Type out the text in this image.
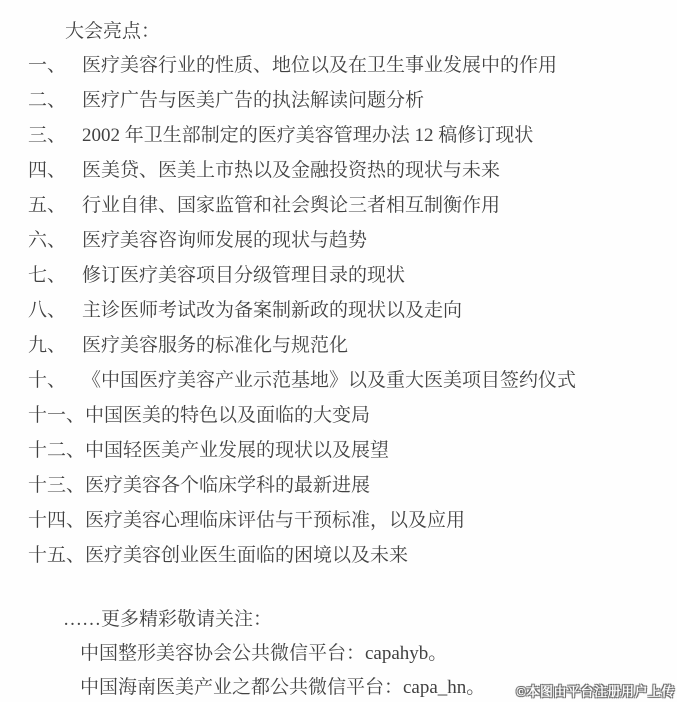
大会亮点：
一、 医疗美容行业的性质、地位以及在卫生事业发展中的作用
二、 医疗广告与医美广告的执法解读问题分析
三、 2002 年卫生部制定的医疗美容管理办法 12 稿修订现状
四、 医美贷、医美上市热以及金融投资热的现状与未来
五、 行业自律、国家监管和社会舆论三者相互制衡作用
六、 医疗美容咨询师发展的现状与趋势
七、 修订医疗美容项目分级管理目录的现状
八、 主诊医师考试改为备案制新政的现状以及走向
九、 医疗美容服务的标准化与规范化
十、 《中国医疗美容产业示范基地》以及重大医美项目签约仪式
十一、 中国医美的特色以及面临的大变局
十二、 中国轻医美产业发展的现状以及展望
十三、 医疗美容各个临床学科的最新进展
十四、 医疗美容心理临床评估与干预标准，以及应用
十五、 医疗美容创业医生面临的困境以及未来
……更多精彩敬请关注：
中国整形美容协会公共微信平台：capahyb。
中国海南医美产业之都公共微信平台：capa_hn。	©本图由平台注册用户上传
